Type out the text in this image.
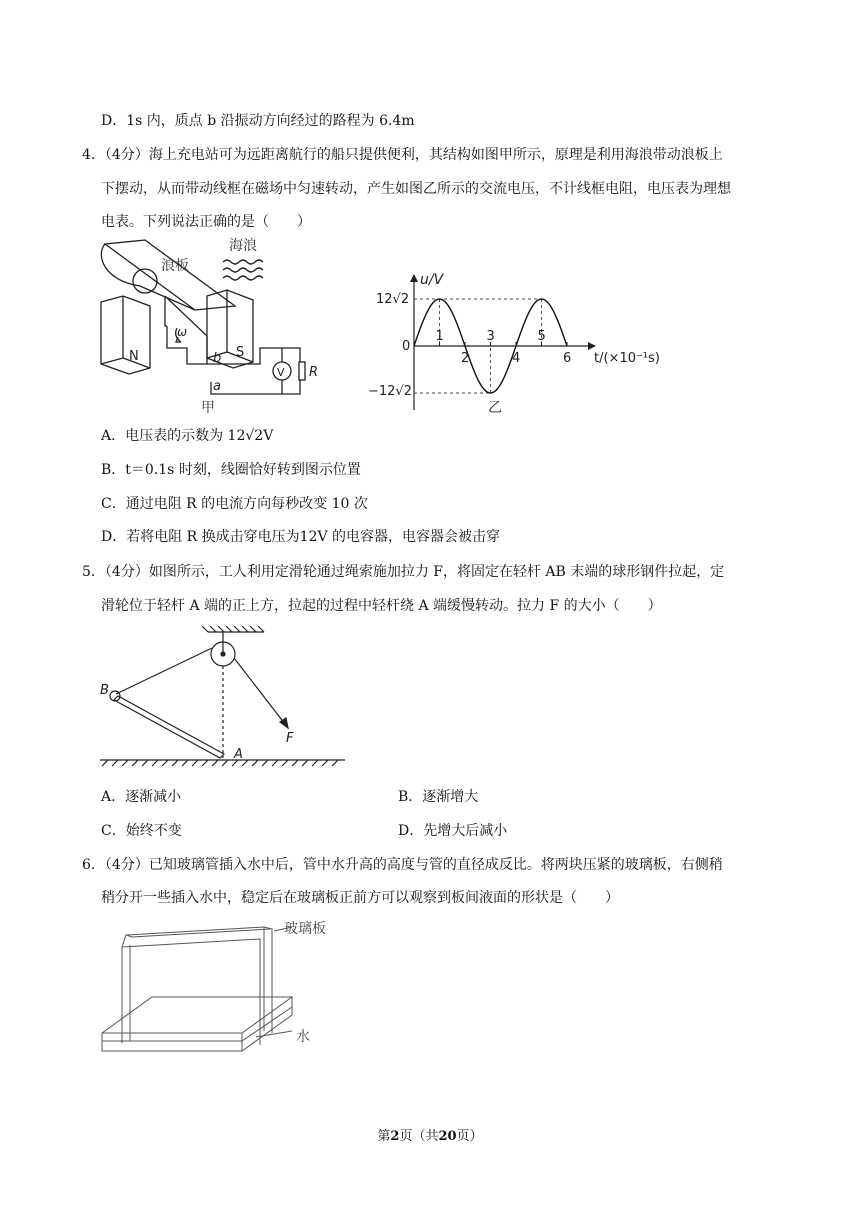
D．1s 内，质点 b 沿振动方向经过的路程为 6.4m
4．（4分）海上充电站可为远距离航行的船只提供便利，其结构如图甲所示，原理是利用海浪带动浪板上
下摆动，从而带动线框在磁场中匀速转动，产生如图乙所示的交流电压，不计线框电阻，电压表为理想
电表。下列说法正确的是（　　）
海浪
浪板
N	S
ω
b
a
V R
甲
1
2
3
4
5
6
u/V
t/(×10⁻¹s)
12√2
−12√2
0
乙
A．电压表的示数为 12√2V
B．t＝0.1s 时刻，线圈恰好转到图示位置
C．通过电阻 R 的电流方向每秒改变 10 次
D．若将电阻 R 换成击穿电压为12V 的电容器，电容器会被击穿
5．（4分）如图所示，工人利用定滑轮通过绳索施加拉力 F，将固定在轻杆 AB 末端的球形钢件拉起，定
滑轮位于轻杆 A 端的正上方，拉起的过程中轻杆绕 A 端缓慢转动。拉力 F 的大小（　　）
B
A
F
A．逐渐减小	B．逐渐增大
C．始终不变	D．先增大后减小
6．（4分）已知玻璃管插入水中后，管中水升高的高度与管的直径成反比。将两块压紧的玻璃板，右侧稍
稍分开一些插入水中，稳定后在玻璃板正前方可以观察到板间液面的形状是（　　）
玻璃板
水
第2页（共20页）
